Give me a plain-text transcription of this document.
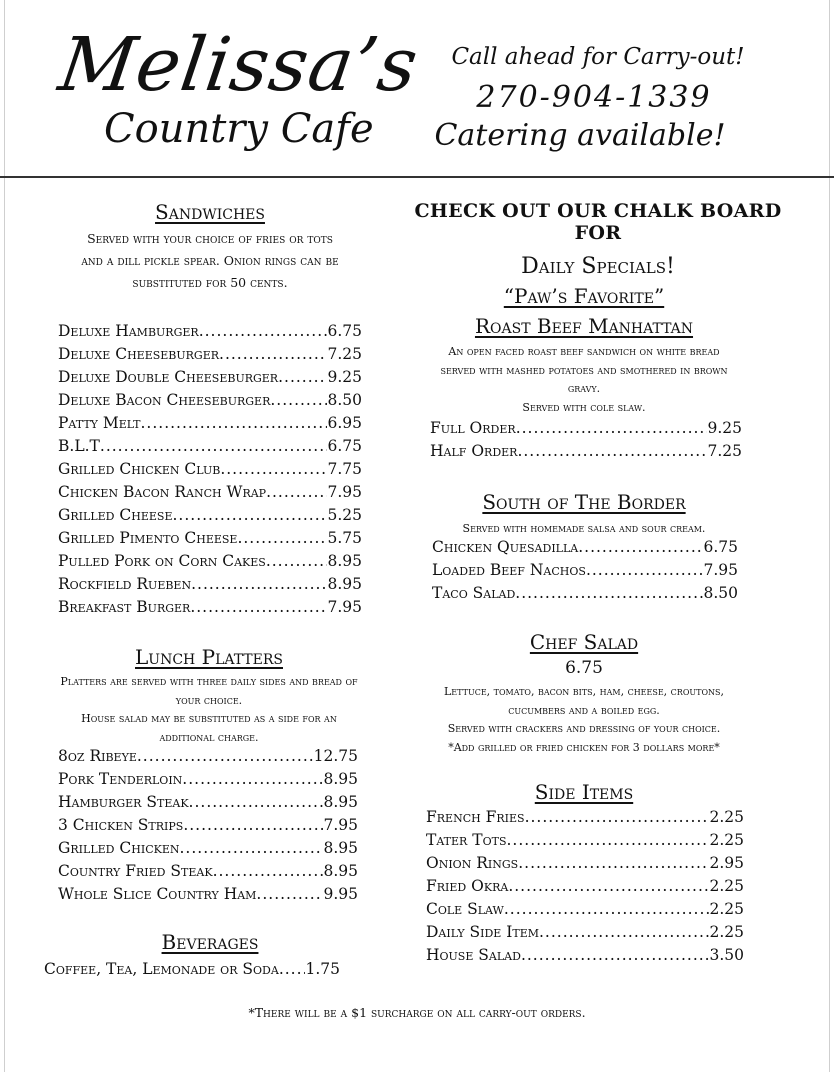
Melissa’s
Country Cafe
Call ahead for Carry-out!
270-904-1339
Catering available!
Sandwiches
Served with your choice of fries or tots
and a dill pickle spear. Onion rings can be
substituted for 50 cents.
Deluxe Hamburger .....	6.75
Deluxe Cheeseburger .....	7.25
Deluxe Double Cheeseburger .....	9.25
Deluxe Bacon Cheeseburger .....	8.50
Patty Melt .....	6.95
B.L.T .....	6.75
Grilled Chicken Club .....	7.75
Chicken Bacon Ranch Wrap .....	7.95
Grilled Cheese .....	5.25
Grilled Pimento Cheese .....	5.75
Pulled Pork on Corn Cakes .....	8.95
Rockfield Rueben .....	8.95
Breakfast Burger .....	7.95
Lunch Platters
Platters are served with three daily sides and bread of
your choice.
House salad may be substituted as a side for an
additional charge.
8oz Ribeye .....	12.75
Pork Tenderloin .....	8.95
Hamburger Steak .....	8.95
3 Chicken Strips .....	7.95
Grilled Chicken .....	8.95
Country Fried Steak .....	8.95
Whole Slice Country Ham .....	9.95
Beverages
Coffee, Tea, Lemonade or Soda ..... 1.75
CHECK OUT OUR CHALK BOARD FOR
Daily Specials!
“Paw’s Favorite”
Roast Beef Manhattan
An open faced roast beef sandwich on white bread
served with mashed potatoes and smothered in brown
gravy.
Served with cole slaw.
Full Order .....	9.25
Half Order .....	7.25
South of The Border
Served with homemade salsa and sour cream.
Chicken Quesadilla .....	6.75
Loaded Beef Nachos .....	7.95
Taco Salad .....	8.50
Chef Salad
6.75
Lettuce, tomato, bacon bits, ham, cheese, croutons,
cucumbers and a boiled egg.
Served with crackers and dressing of your choice.
*Add grilled or fried chicken for 3 dollars more*
Side Items
French Fries .....	2.25
Tater Tots .....	2.25
Onion Rings .....	2.95
Fried Okra .....	2.25
Cole Slaw .....	2.25
Daily Side Item .....	2.25
House Salad .....	3.50
*There will be a $1 surcharge on all carry-out orders.
